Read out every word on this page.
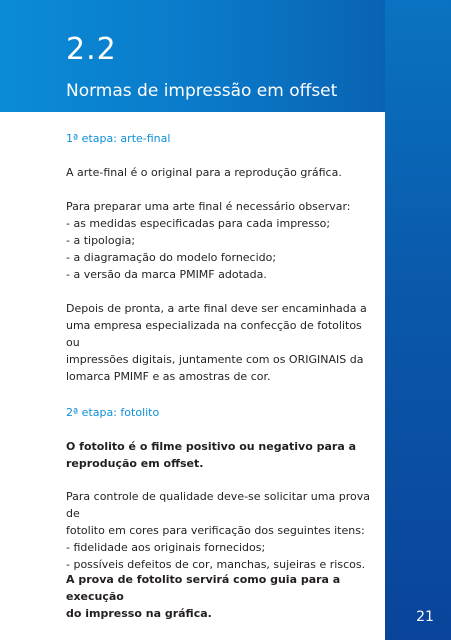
2.2
Normas de impressão em offset
21

1ª etapa: arte-final

A arte-final é o original para a reprodução gráfica.

Para preparar uma arte final é necessário observar:
- as medidas especificadas para cada impresso;
- a tipologia;
- a diagramação do modelo fornecido;
- a versão da marca PMIMF adotada.

Depois de pronta, a arte final deve ser encaminhada a
uma empresa especializada na confecção de fotolitos ou
impressões digitais, juntamente com os ORIGINAIS da
lomarca PMIMF e as amostras de cor.

2ª etapa: fotolito

O fotolito é o filme positivo ou negativo para a
reprodução em offset.

Para controle de qualidade deve-se solicitar uma prova de
fotolito em cores para verificação dos seguintes itens:
- fidelidade aos originais fornecidos;
- possíveis defeitos de cor, manchas, sujeiras e riscos.

A prova de fotolito servirá como guia para a execução
do impresso na gráfica.
